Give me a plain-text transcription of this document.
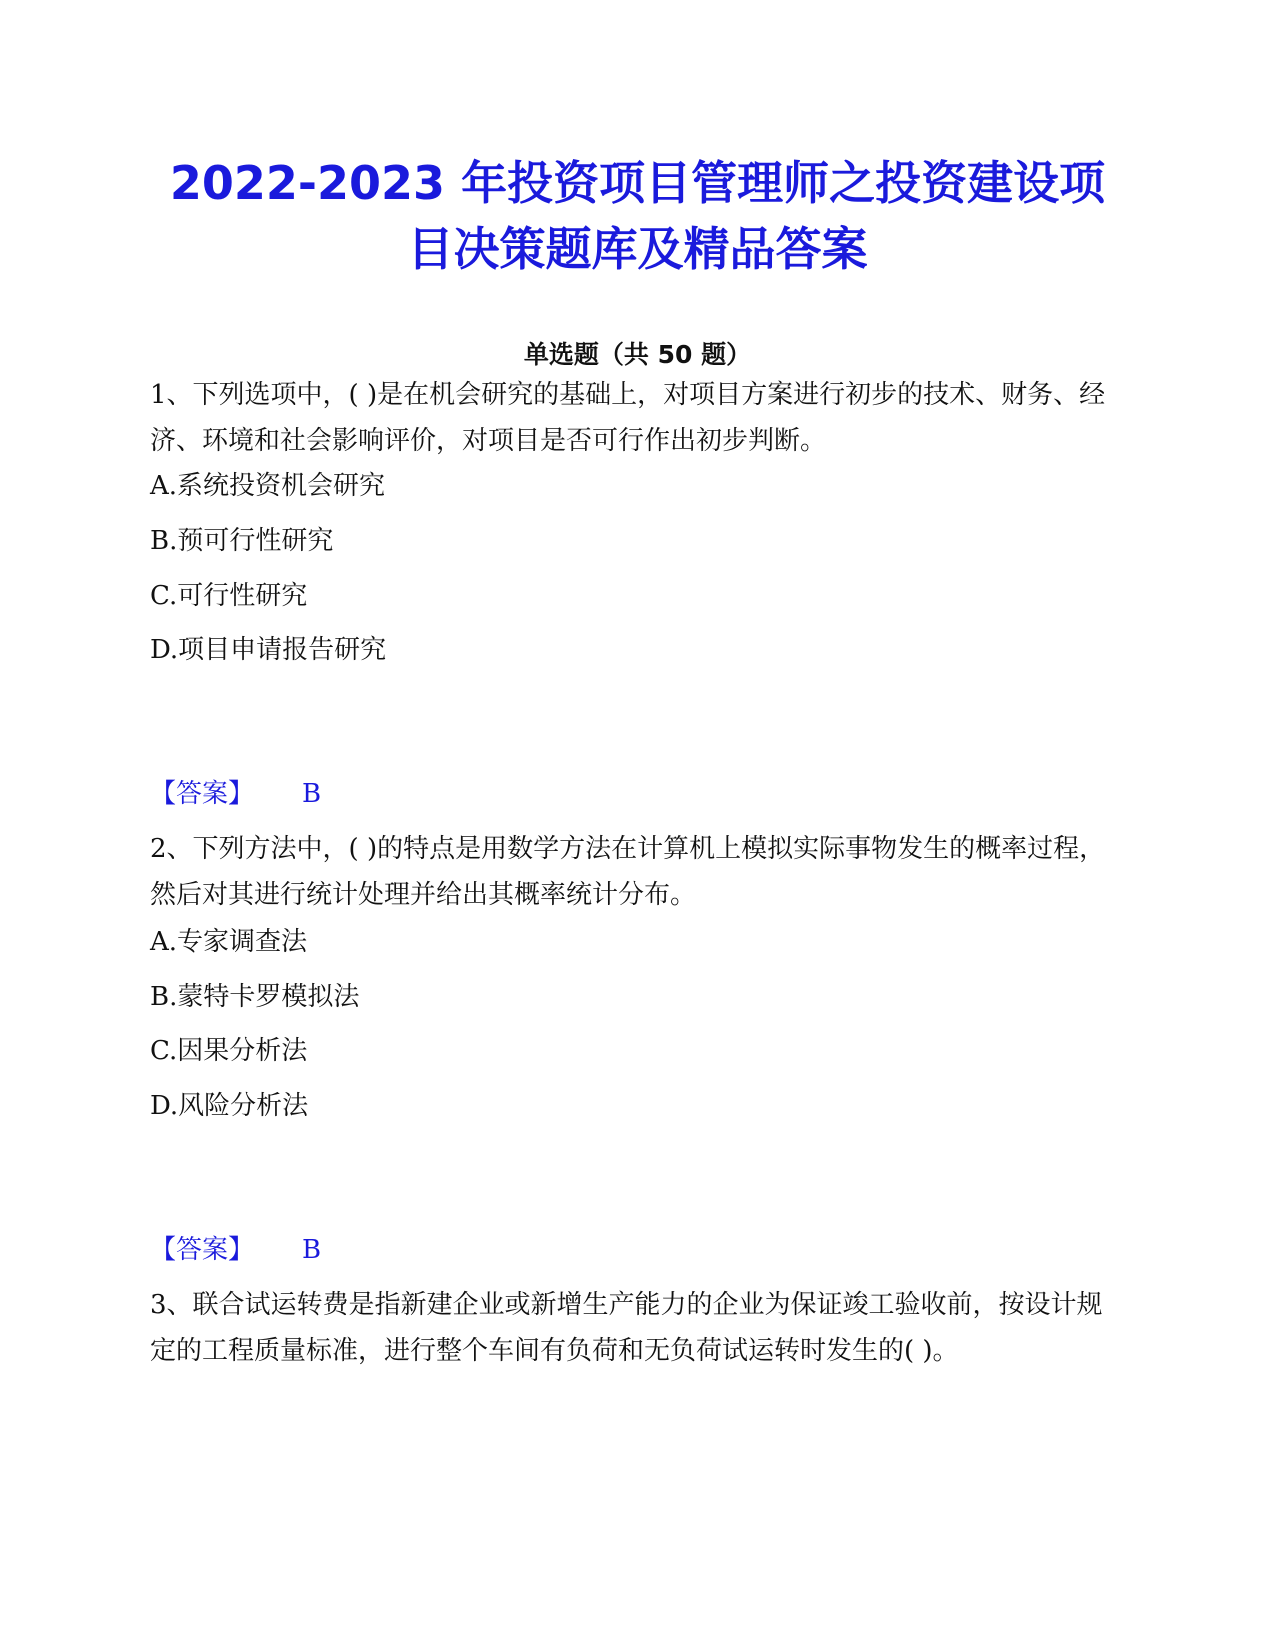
2022-2023 年投资项目管理师之投资建设项
目决策题库及精品答案
单选题（共 50 题）

1、下列选项中，( )是在机会研究的基础上，对项目方案进行初步的技术、财务、经济、环境和社会影响评价，对项目是否可行作出初步判断。

A.系统投资机会研究

B.预可行性研究

C.可行性研究

D.项目申请报告研究

【答案】 B

2、下列方法中，( )的特点是用数学方法在计算机上模拟实际事物发生的概率过程，然后对其进行统计处理并给出其概率统计分布。

A.专家调查法

B.蒙特卡罗模拟法

C.因果分析法

D.风险分析法

【答案】 B

3、联合试运转费是指新建企业或新增生产能力的企业为保证竣工验收前，按设计规定的工程质量标准，进行整个车间有负荷和无负荷试运转时发生的( )。
